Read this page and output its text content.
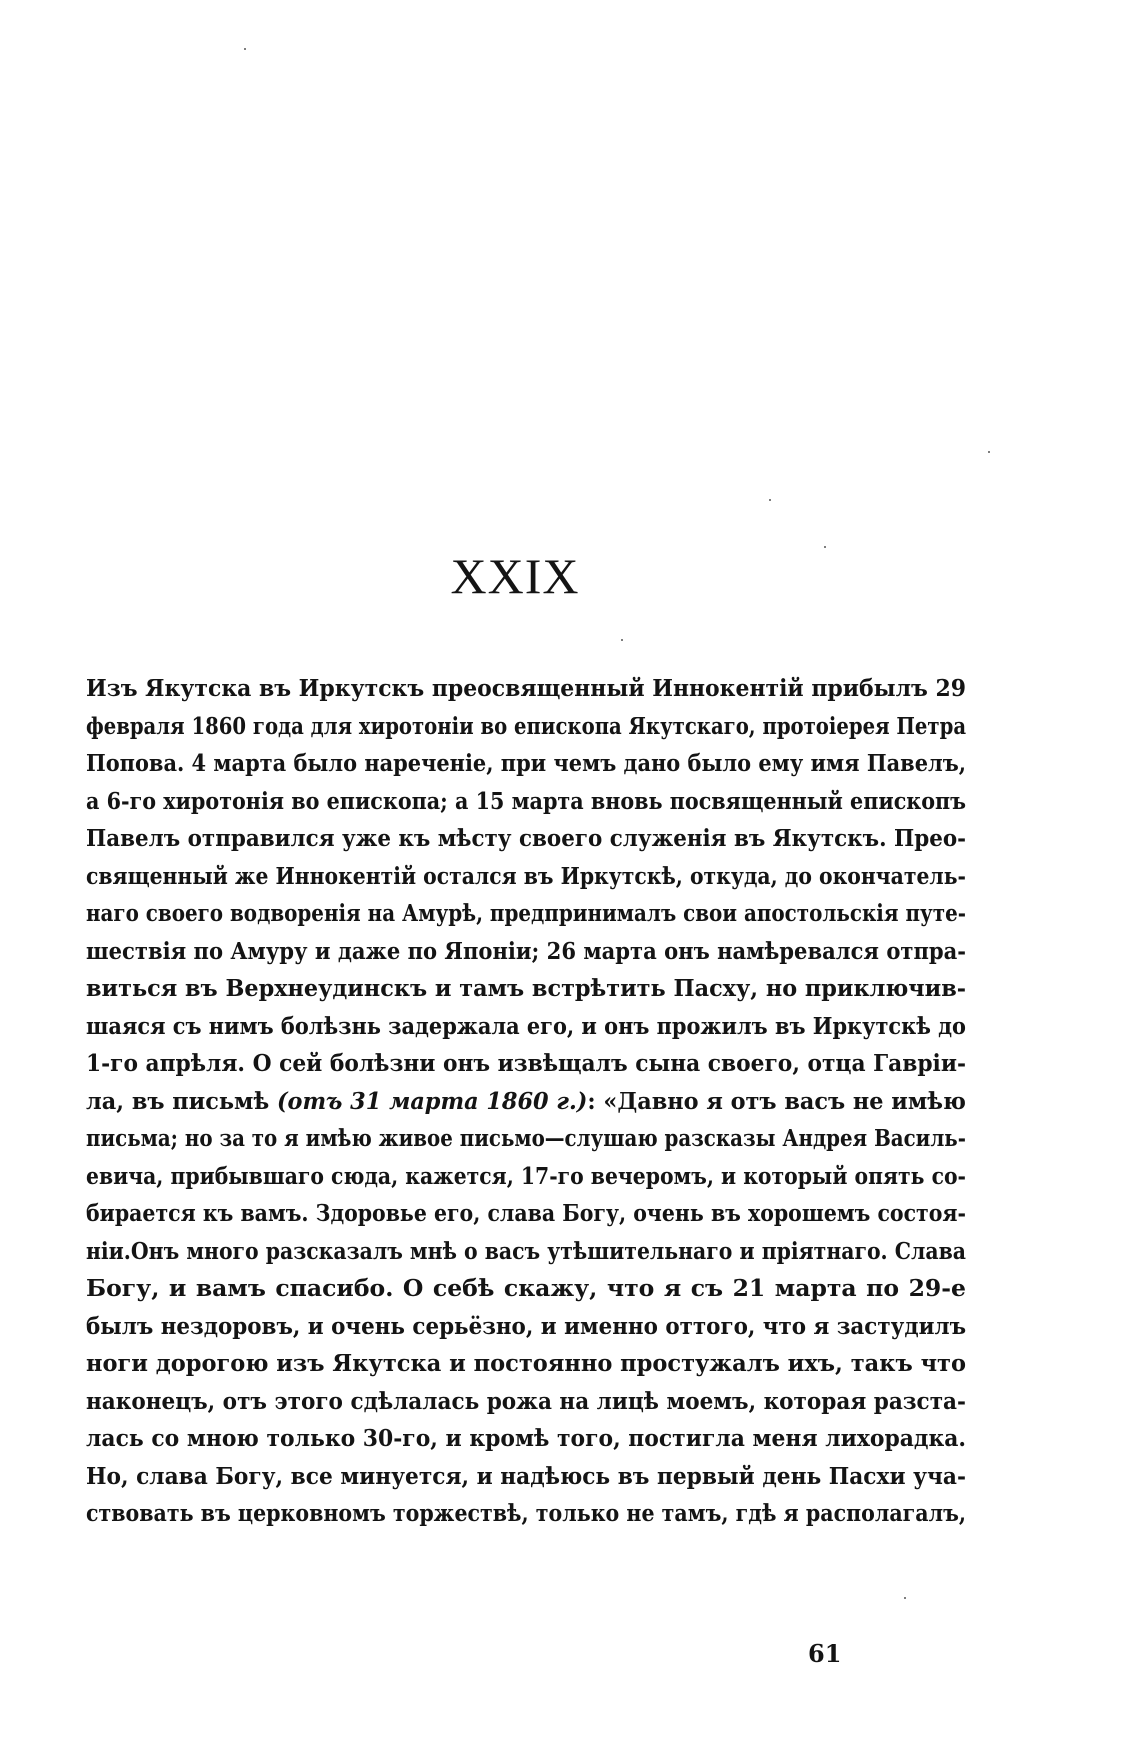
XXIX
Изъ Якутска въ Иркутскъ преосвященный Иннокентій прибылъ 29
февраля 1860 года для хиротоніи во епископа Якутскаго, протоіерея Петра
Попова. 4 марта было нареченіе, при чемъ дано было ему имя Павелъ,
а 6-го хиротонія во епископа; а 15 марта вновь посвященный епископъ
Павелъ отправился уже къ мѣсту своего служенія въ Якутскъ. Прео-
священный же Иннокентій остался въ Иркутскѣ, откуда, до окончатель-
наго своего водворенія на Амурѣ, предпринималъ свои апостольскія путе-
шествія по Амуру и даже по Японіи; 26 марта онъ намѣревался отпра-
виться въ Верхнеудинскъ и тамъ встрѣтить Пасху, но приключив-
шаяся съ нимъ болѣзнь задержала его, и онъ прожилъ въ Иркутскѣ до
1-го апрѣля. О сей болѣзни онъ извѣщалъ сына своего, отца Гавріи-
ла, въ письмѣ (отъ 31 марта 1860 г.): «Давно я отъ васъ не имѣю
письма; но за то я имѣю живое письмо—слушаю разсказы Андрея Василь-
евича, прибывшаго сюда, кажется, 17-го вечеромъ, и который опять со-
бирается къ вамъ. Здоровье его, слава Богу, очень въ хорошемъ состоя-
ніи.Онъ много разсказалъ мнѣ о васъ утѣшительнаго и пріятнаго. Слава
Богу, и вамъ спасибо. О себѣ скажу, что я съ 21 марта по 29-е
былъ нездоровъ, и очень серьёзно, и именно оттого, что я застудилъ
ноги дорогою изъ Якутска и постоянно простужалъ ихъ, такъ что
наконецъ, отъ этого сдѣлалась рожа на лицѣ моемъ, которая разста-
лась со мною только 30-го, и кромѣ того, постигла меня лихорадка.
Но, слава Богу, все минуется, и надѣюсь въ первый день Пасхи уча-
ствовать въ церковномъ торжествѣ, только не тамъ, гдѣ я располагалъ,
61
